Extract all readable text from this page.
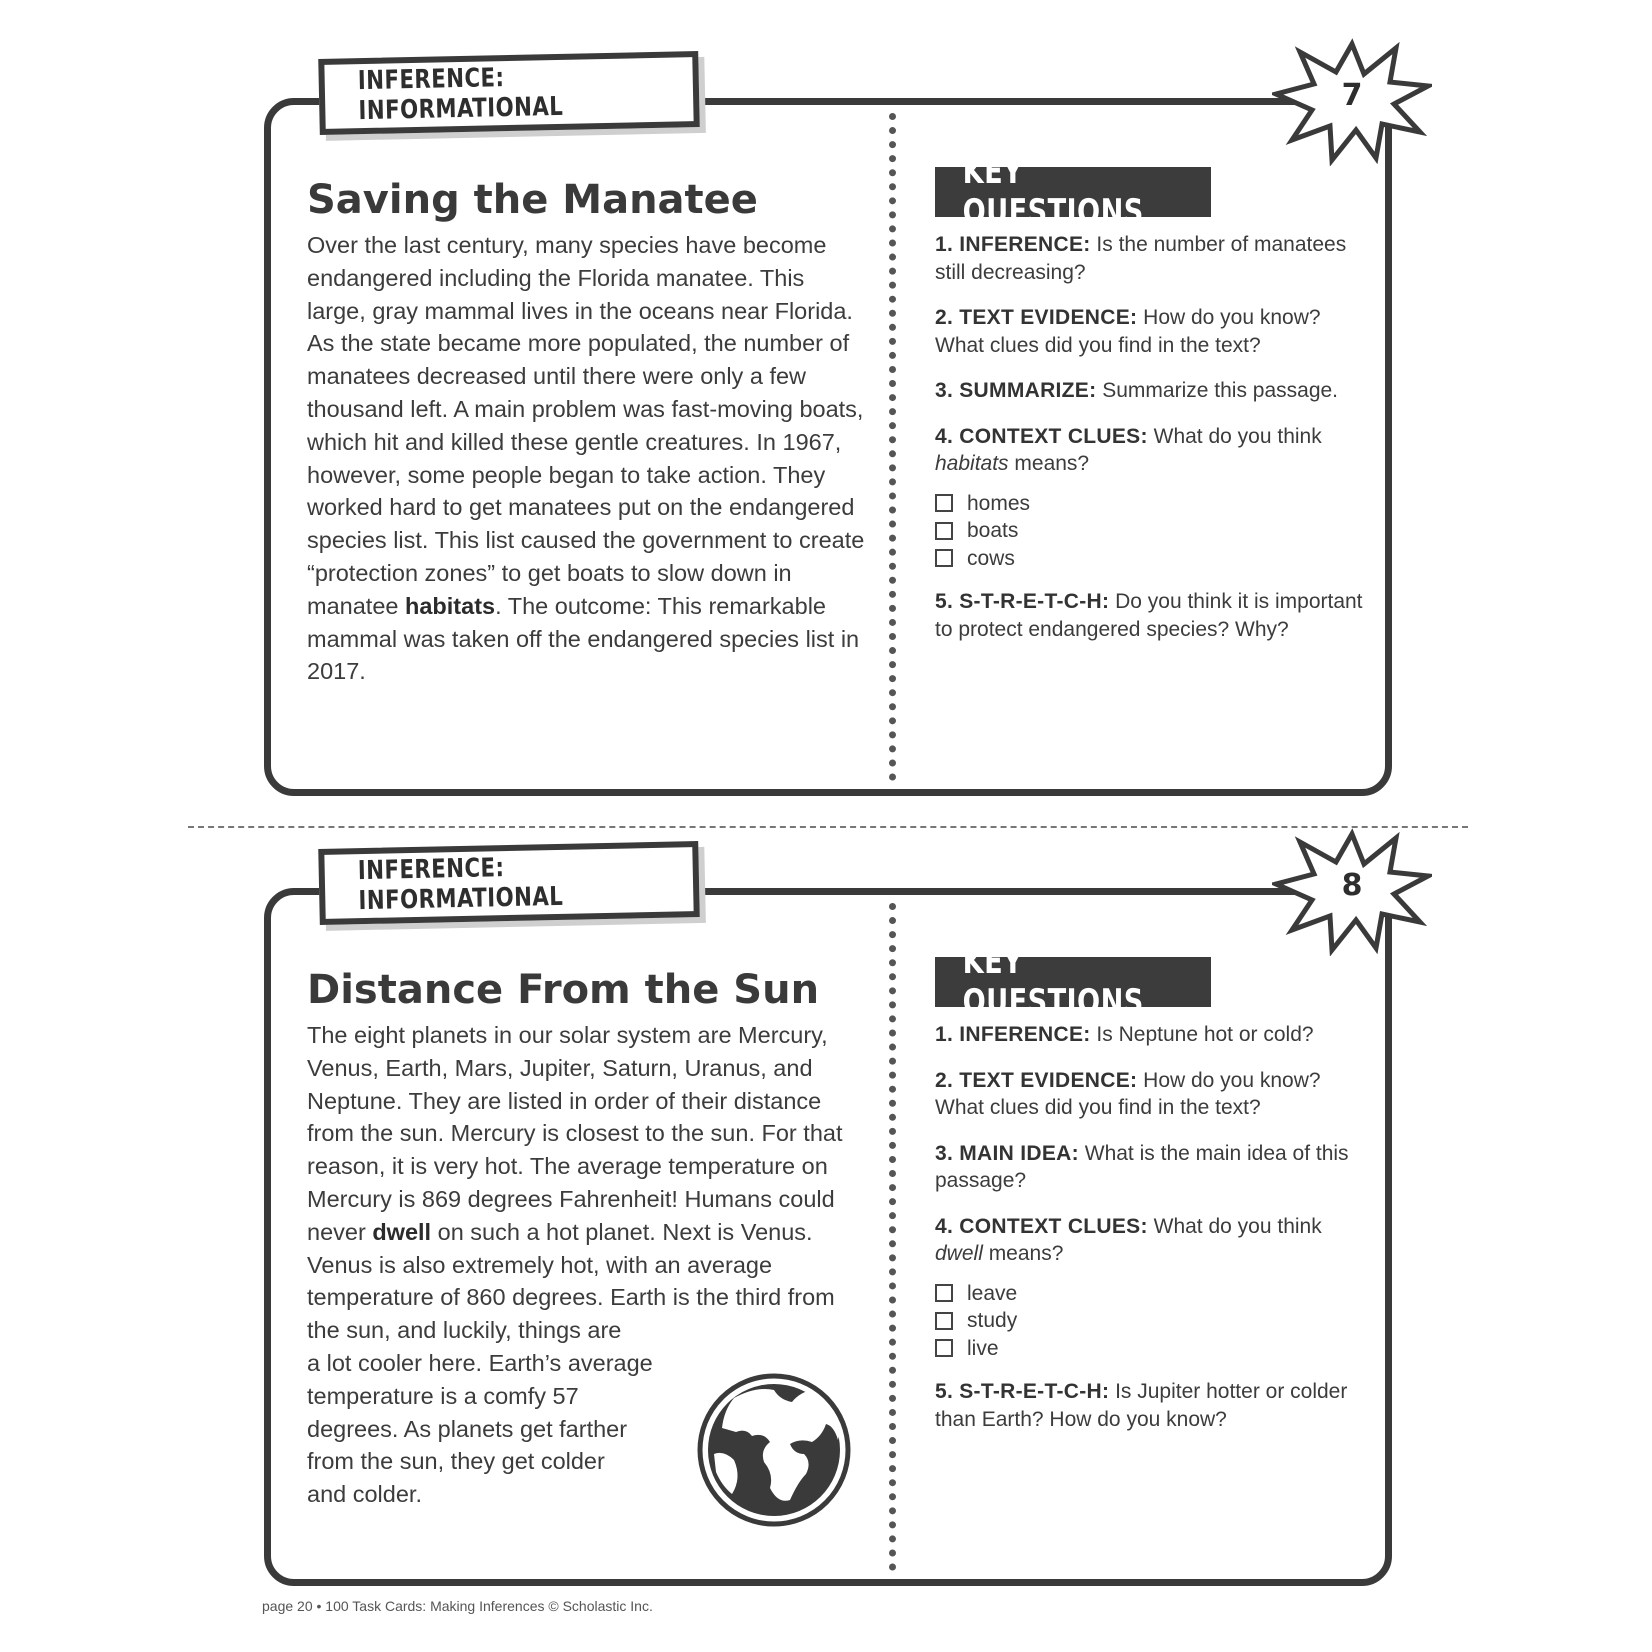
INFERENCE: INFORMATIONAL
Saving the Manatee

Over the last century, many species have become endangered including the Florida manatee. This large, gray mammal lives in the oceans near Florida. As the state became more populated, the number of manatees decreased until there were only a few thousand left. A main problem was fast-moving boats, which hit and killed these gentle creatures. In 1967, however, some people began to take action. They worked hard to get manatees put on the endangered species list. This list caused the government to create “protection zones” to get boats to slow down in manatee habitats. The outcome: This remarkable mammal was taken off the endangered species list in 2017.

KEY QUESTIONS

1. INFERENCE: Is the number of manatees still decreasing?

2. TEXT EVIDENCE: How do you know? What clues did you find in the text?

3. SUMMARIZE: Summarize this passage.

4. CONTEXT CLUES: What do you think habitats means?

homes
boats
cows

5. S-T-R-E-T-C-H: Do you think it is important to protect endangered species? Why?

7
INFERENCE: INFORMATIONAL
Distance From the Sun

The eight planets in our solar system are Mercury, Venus, Earth, Mars, Jupiter, Saturn, Uranus, and Neptune. They are listed in order of their distance from the sun. Mercury is closest to the sun. For that reason, it is very hot. The average temperature on Mercury is 869 degrees Fahrenheit! Humans could never dwell on such a hot planet. Next is Venus. Venus is also extremely hot, with an average temperature of 860 degrees. Earth is the third from the sun, and luckily, things are
a lot cooler here. Earth’s average
temperature is a comfy 57
degrees. As planets get farther
from the sun, they get colder
and colder.

KEY QUESTIONS

1. INFERENCE: Is Neptune hot or cold?

2. TEXT EVIDENCE: How do you know? What clues did you find in the text?

3. MAIN IDEA: What is the main idea of this passage?

4. CONTEXT CLUES: What do you think dwell means?

leave
study
live

5. S-T-R-E-T-C-H: Is Jupiter hotter or colder than Earth? How do you know?

8
page 20 • 100 Task Cards: Making Inferences © Scholastic Inc.
